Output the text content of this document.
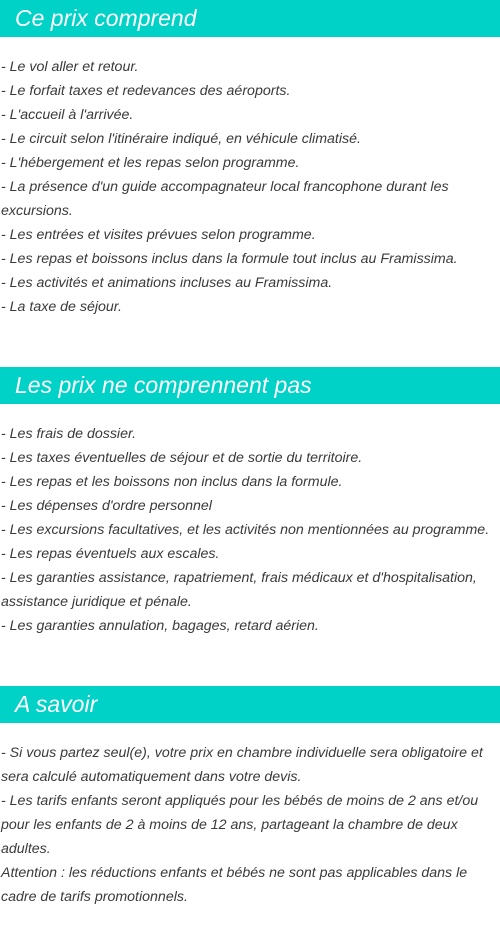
Ce prix comprend

- Le vol aller et retour.

- Le forfait taxes et redevances des aéroports.

- L'accueil à l'arrivée.

- Le circuit selon l'itinéraire indiqué, en véhicule climatisé.

- L'hébergement et les repas selon programme.

- La présence d'un guide accompagnateur local francophone durant les excursions.

- Les entrées et visites prévues selon programme.

- Les repas et boissons inclus dans la formule tout inclus au Framissima.

- Les activités et animations incluses au Framissima.

- La taxe de séjour.

Les prix ne comprennent pas

- Les frais de dossier.

- Les taxes éventuelles de séjour et de sortie du territoire.

- Les repas et les boissons non inclus dans la formule.

- Les dépenses d'ordre personnel

- Les excursions facultatives, et les activités non mentionnées au programme.

- Les repas éventuels aux escales.

- Les garanties assistance, rapatriement, frais médicaux et d'hospitalisation, assistance juridique et pénale.

- Les garanties annulation, bagages, retard aérien.

A savoir

- Si vous partez seul(e), votre prix en chambre individuelle sera obligatoire et sera calculé automatiquement dans votre devis.

- Les tarifs enfants seront appliqués pour les bébés de moins de 2 ans et/ou pour les enfants de 2 à moins de 12 ans, partageant la chambre de deux adultes.

Attention : les réductions enfants et bébés ne sont pas applicables dans le cadre de tarifs promotionnels.
